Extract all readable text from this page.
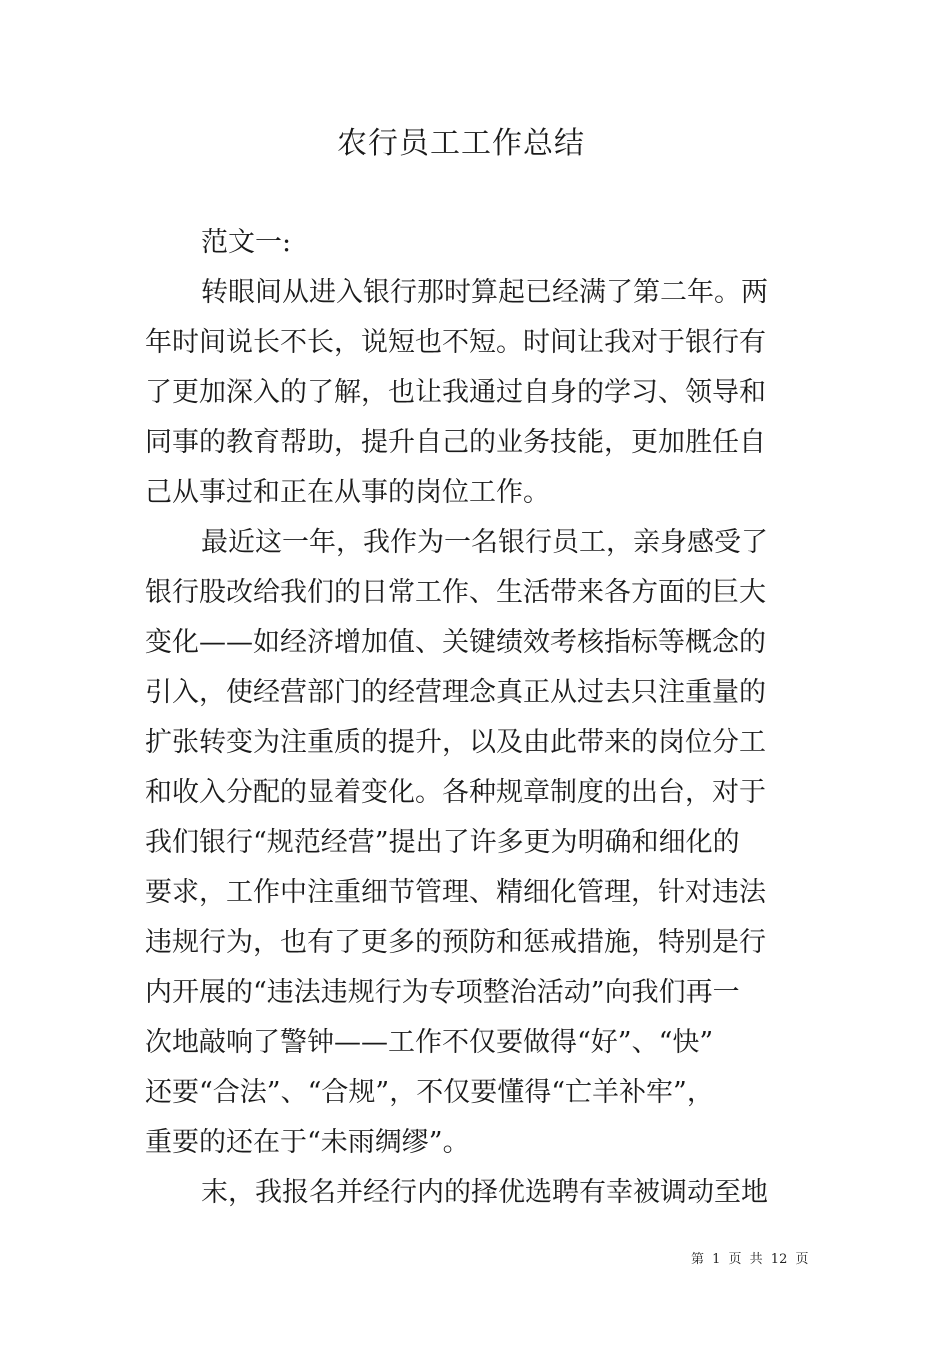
农行员工工作总结

范文一:

转眼间从进入银行那时算起已经满了第二年。两
年时间说长不长，说短也不短。时间让我对于银行有
了更加深入的了解，也让我通过自身的学习、领导和
同事的教育帮助，提升自己的业务技能，更加胜任自
己从事过和正在从事的岗位工作。

最近这一年，我作为一名银行员工，亲身感受了
银行股改给我们的日常工作、生活带来各方面的巨大
变化——如经济增加值、关键绩效考核指标等概念的
引入，使经营部门的经营理念真正从过去只注重量的
扩张转变为注重质的提升，以及由此带来的岗位分工
和收入分配的显着变化。各种规章制度的出台，对于
我们银行“规范经营”提出了许多更为明确和细化的
要求，工作中注重细节管理、精细化管理，针对违法
违规行为，也有了更多的预防和惩戒措施，特别是行
内开展的“违法违规行为专项整治活动”向我们再一
次地敲响了警钟——工作不仅要做得“好”、“快”
还要“合法”、“合规”，不仅要懂得“亡羊补牢”，
重要的还在于“未雨绸缪”。

末，我报名并经行内的择优选聘有幸被调动至地

第 1 页 共 12 页
